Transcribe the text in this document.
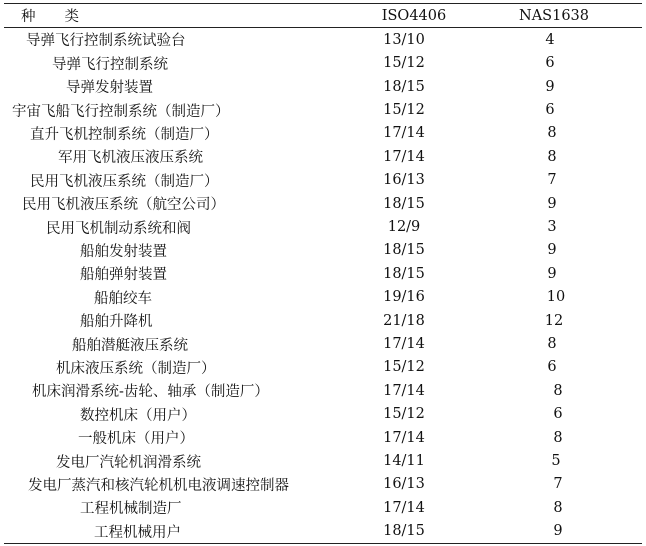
种　　类	ISO4406	NAS1638
导弹飞行控制系统试验台	13/10	4
导弹飞行控制系统	15/12	6
导弹发射装置	18/15	9
宇宙飞船飞行控制系统（制造厂）	15/12	6
直升飞机控制系统（制造厂）	17/14	8
军用飞机液压液压系统	17/14	8
民用飞机液压系统（制造厂）	16/13	7
民用飞机液压系统（航空公司）	18/15	9
民用飞机制动系统和阀	12/9	3
船舶发射装置	18/15	9
船舶弹射装置	18/15	9
船舶绞车	19/16	10
船舶升降机	21/18	12
船舶潜艇液压系统	17/14	8
机床液压系统（制造厂）	15/12	6
机床润滑系统-齿轮、轴承（制造厂）	17/14	8
数控机床（用户）	15/12	6
一般机床（用户）	17/14	8
发电厂汽轮机润滑系统	14/11	5
发电厂蒸汽和核汽轮机机电液调速控制器	16/13	7
工程机械制造厂	17/14	8
工程机械用户	18/15	9
